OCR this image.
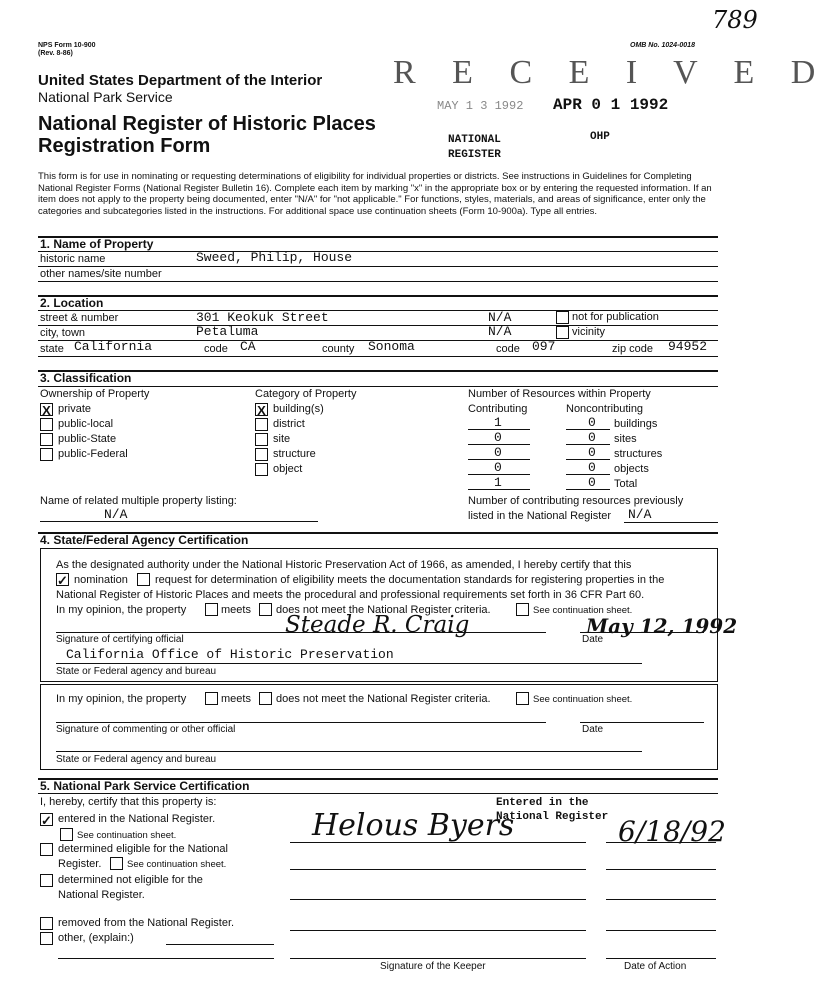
789
NPS Form 10-900
(Rev. 8-86)
OMB No. 1024-0018
United States Department of the Interior
National Park Service
National Register of Historic Places
Registration Form
R E C E I V E D
MAY 1 3 1992 APR 0 1 1992
NATIONAL
REGISTER
OHP
This form is for use in nominating or requesting determinations of eligibility for individual properties or districts. See instructions in Guidelines for Completing National Register Forms (National Register Bulletin 16). Complete each item by marking "x" in the appropriate box or by entering the requested information. If an item does not apply to the property being documented, enter "N/A" for "not applicable." For functions, styles, materials, and areas of significance, enter only the categories and subcategories listed in the instructions. For additional space use continuation sheets (Form 10-900a). Type all entries.
1. Name of Property
historic name	Sweed, Philip, House
other names/site number
2. Location
street & number	301 Keokuk Street	N/A	not for publication
city, town	Petaluma	N/A	vicinity
state California	code CA	county Sonoma	code 097	zip code 94952
3. Classification
Ownership of Property	Category of Property	Number of Resources within Property
X private
public-local
public-State
public-Federal
X building(s)
district
site
structure
object
Contributing	Noncontributing
1	0 buildings
0	0 sites
0	0 structures
0	0 objects
1	0 Total
Name of related multiple property listing:
N/A
Number of contributing resources previously
listed in the National Register N/A
4. State/Federal Agency Certification
As the designated authority under the National Historic Preservation Act of 1966, as amended, I hereby certify that this
✓ nomination request for determination of eligibility meets the documentation standards for registering properties in the
National Register of Historic Places and meets the procedural and professional requirements set forth in 36 CFR Part 60.
In my opinion, the property	meets does not meet the National Register criteria.	See continuation sheet.
Steade R. Craig	May 12, 1992
Signature of certifying official	Date
California Office of Historic Preservation
State or Federal agency and bureau
In my opinion, the property	meets does not meet the National Register criteria.	See continuation sheet.
Signature of commenting or other official	Date
State or Federal agency and bureau
5. National Park Service Certification
I, hereby, certify that this property is:
✓ entered in the National Register.
See continuation sheet.
determined eligible for the National
Register.	See continuation sheet.
determined not eligible for the
National Register.
removed from the National Register.
other, (explain:)
Entered in the
National Register
Helous Byers	6/18/92
Signature of the Keeper	Date of Action
